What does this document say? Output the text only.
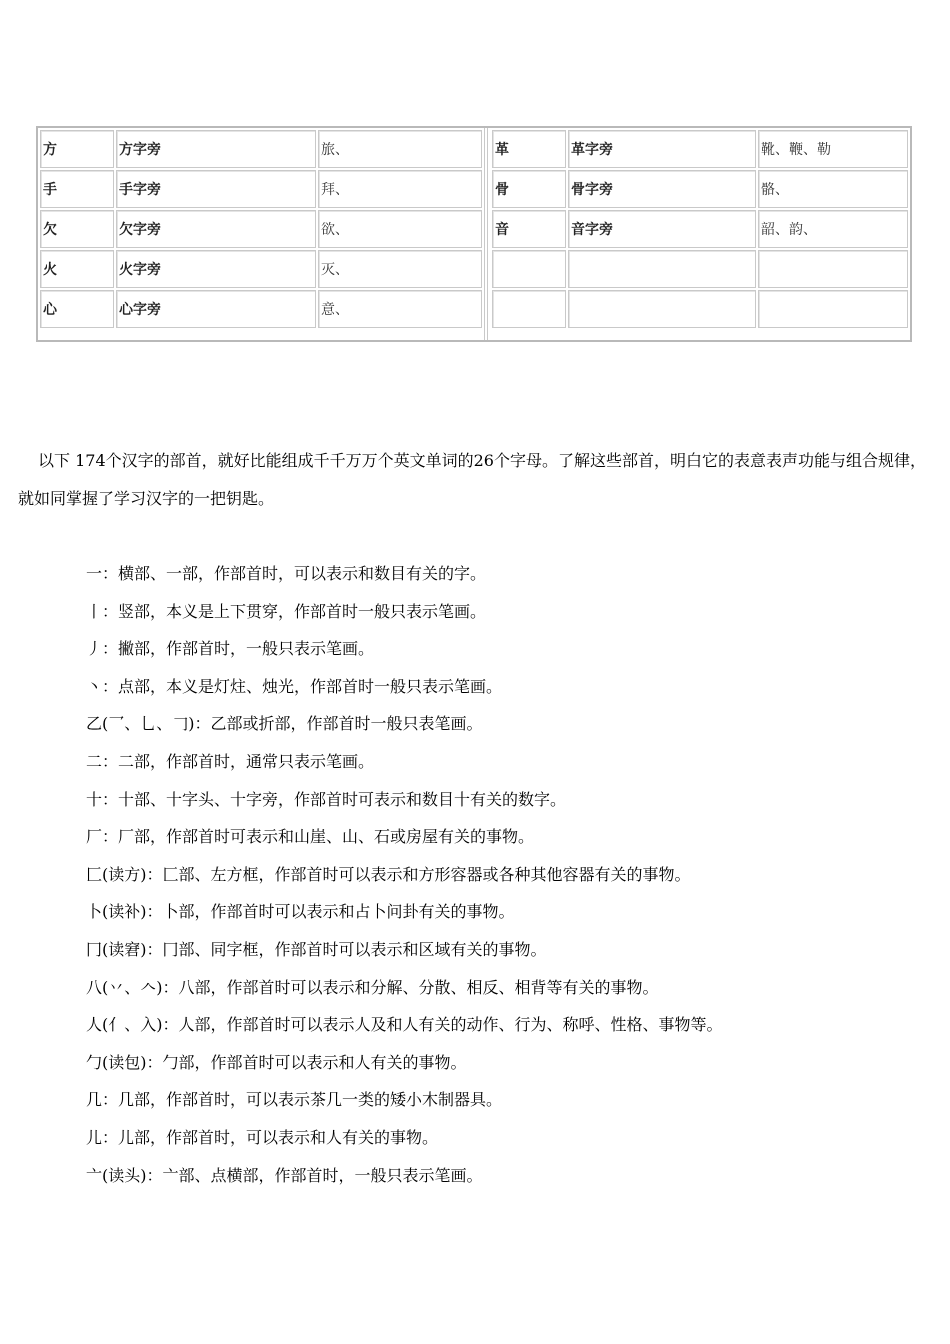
方	方字旁	旅、
手	手字旁	拜、
欠	欠字旁	欲、
火	火字旁	灭、
心	心字旁	意、
革	革字旁	靴、鞭、勒
骨	骨字旁	骼、
音	音字旁	韶、韵、

以下 174个汉字的部首，就好比能组成千千万万个英文单词的26个字母。了解这些部首，明白它的表意表声功能与组合规律，就如同掌握了学习汉字的一把钥匙。

一：横部、一部，作部首时，可以表示和数目有关的字。
丨：竖部，本义是上下贯穿，作部首时一般只表示笔画。
丿：撇部，作部首时，一般只表示笔画。
丶：点部，本义是灯炷、烛光，作部首时一般只表示笔画。
乙(乛、乚、𠃌)：乙部或折部，作部首时一般只表笔画。
二：二部，作部首时，通常只表示笔画。
十：十部、十字头、十字旁，作部首时可表示和数目十有关的数字。
厂：厂部，作部首时可表示和山崖、山、石或房屋有关的事物。
匚(读方)：匚部、左方框，作部首时可以表示和方形容器或各种其他容器有关的事物。
卜(读补)：卜部，作部首时可以表示和占卜问卦有关的事物。
冂(读窘)：冂部、同字框，作部首时可以表示和区域有关的事物。
八(丷、𠆢)：八部，作部首时可以表示和分解、分散、相反、相背等有关的事物。
人(亻、入)：人部，作部首时可以表示人及和人有关的动作、行为、称呼、性格、事物等。
勹(读包)：勹部，作部首时可以表示和人有关的事物。
几：几部，作部首时，可以表示茶几一类的矮小木制器具。
儿：儿部，作部首时，可以表示和人有关的事物。
亠(读头)：亠部、点横部，作部首时，一般只表示笔画。
